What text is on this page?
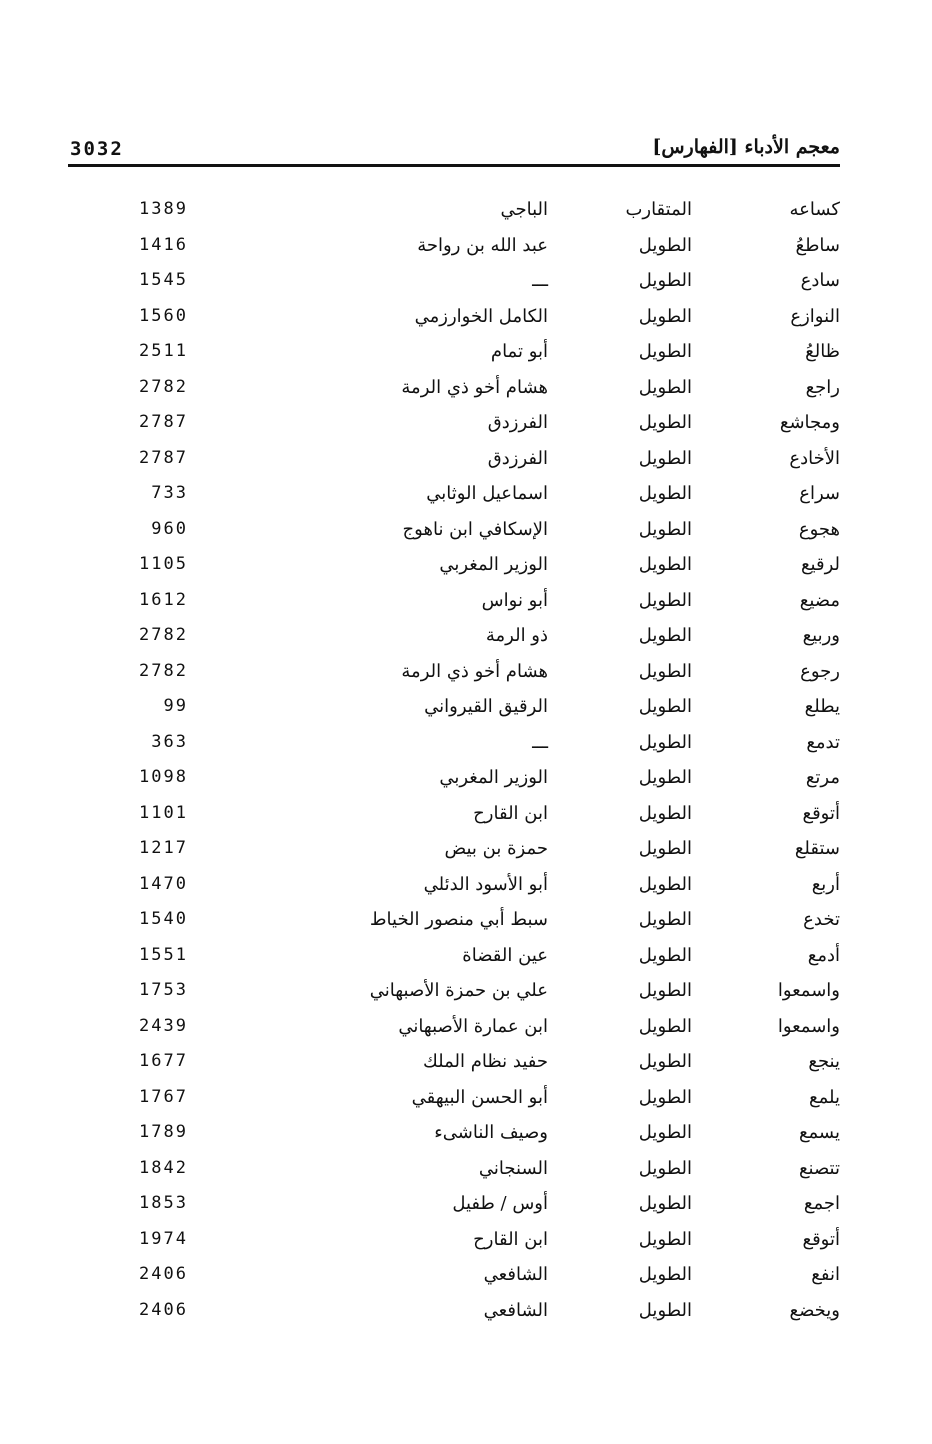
3032	معجم الأدباء [الفهارس]
كساعه
المتقارب
الباجي
1389
ساطعُ
الطويل
عبد الله بن رواحة
1416
سادع
الطويل
ـــ
1545
النوازع
الطويل
الكامل الخوارزمي
1560
ظالعُ
الطويل
أبو تمام
2511
راجع
الطويل
هشام أخو ذي الرمة
2782
ومجاشع
الطويل
الفرزدق
2787
الأخادع
الطويل
الفرزدق
2787
سراع
الطويل
اسماعيل الوثابي
733
هجوع
الطويل
الإسكافي ابن ناهوج
960
لرقيع
الطويل
الوزير المغربي
1105
مضيع
الطويل
أبو نواس
1612
وربيع
الطويل
ذو الرمة
2782
رجوع
الطويل
هشام أخو ذي الرمة
2782
يطلع
الطويل
الرقيق القيرواني
99
تدمع
الطويل
ـــ
363
مرتع
الطويل
الوزير المغربي
1098
أتوقع
الطويل
ابن القارح
1101
ستقلع
الطويل
حمزة بن بيض
1217
أربع
الطويل
أبو الأسود الدئلي
1470
تخدع
الطويل
سبط أبي منصور الخياط
1540
أدمع
الطويل
عين القضاة
1551
واسمعوا
الطويل
علي بن حمزة الأصبهاني
1753
واسمعوا
الطويل
ابن عمارة الأصبهاني
2439
ينجع
الطويل
حفيد نظام الملك
1677
يلمع
الطويل
أبو الحسن البيهقي
1767
يسمع
الطويل
وصيف الناشىء
1789
تتصنع
الطويل
السنجاني
1842
اجمع
الطويل
أوس / طفيل
1853
أتوقع
الطويل
ابن القارح
1974
انفع
الطويل
الشافعي
2406
ويخضع
الطويل
الشافعي
2406
